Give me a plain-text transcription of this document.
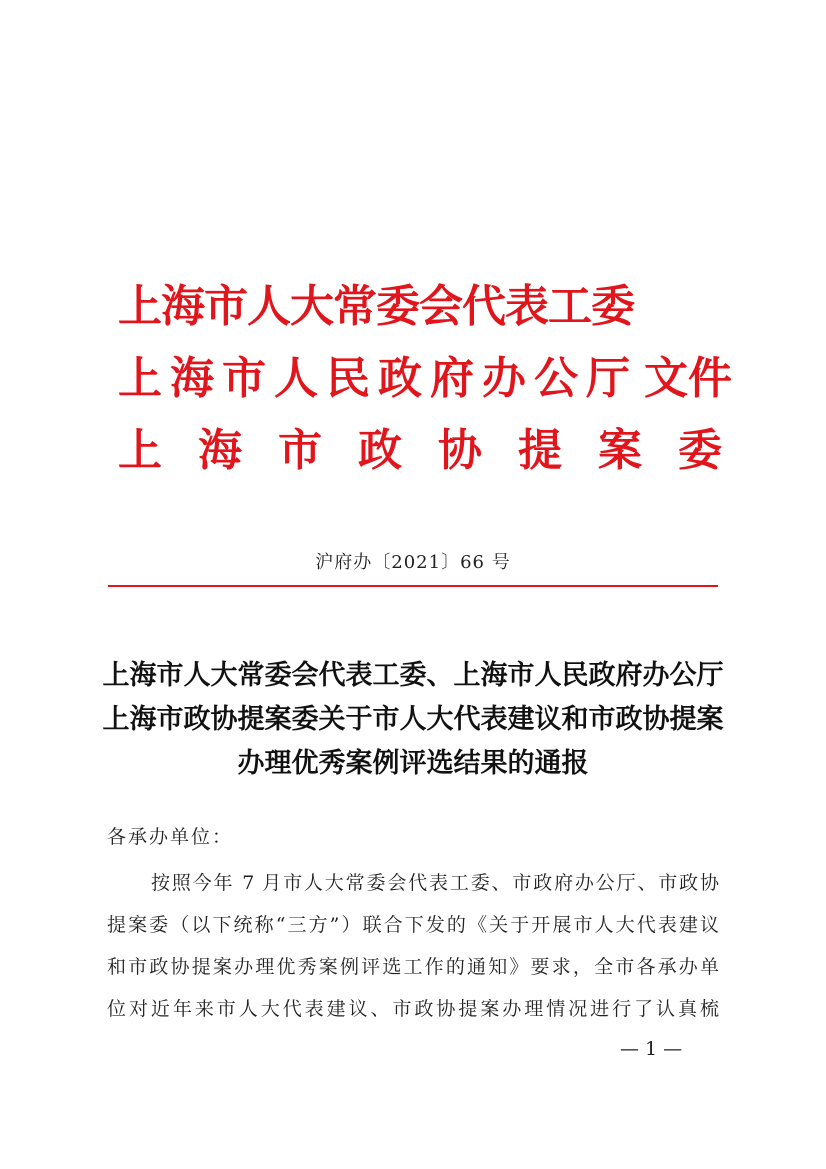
上海市人大常委会代表工委
上海市人民政府办公厅 文件
上海市政协提案委
沪府办〔2021〕66 号
上海市人大常委会代表工委、上海市人民政府办公厅
上海市政协提案委关于市人大代表建议和市政协提案
办理优秀案例评选结果的通报
各承办单位：
按照今年 7 月市人大常委会代表工委、市政府办公厅、市政协
提案委（以下统称“三方”）联合下发的《关于开展市人大代表建议
和市政协提案办理优秀案例评选工作的通知》要求，全市各承办单
位对近年来市人大代表建议、市政协提案办理情况进行了认真梳
— 1 —
